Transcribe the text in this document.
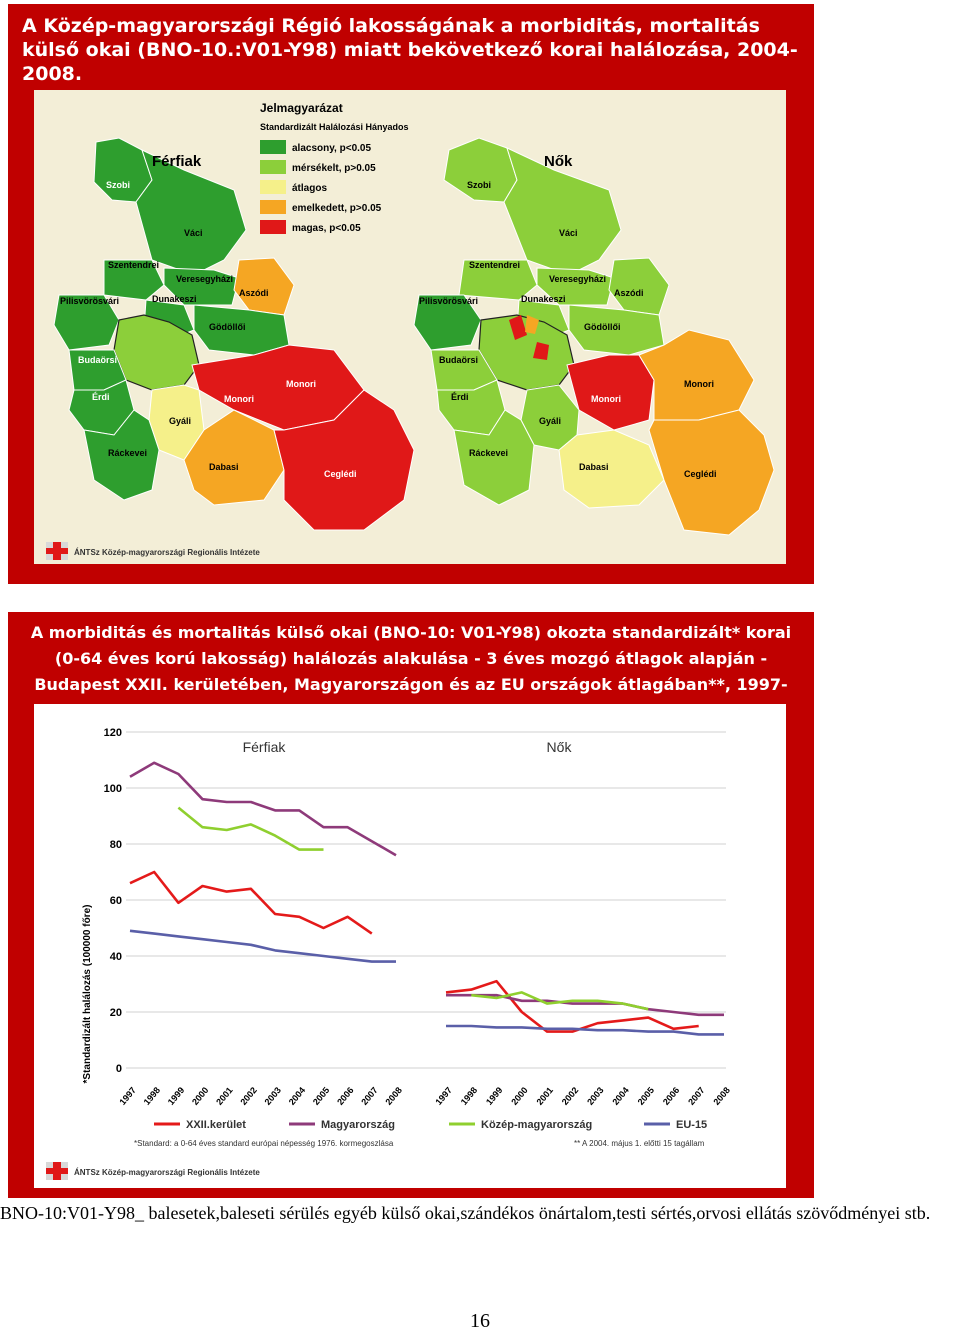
A Közép-magyarországi Régió lakosságának a morbiditás, mortalitás külső okai (BNO-10.:V01-Y98) miatt bekövetkező korai halálozása, 2004-2008.
Szobi
Váci
Szentendrei
Veresegyházi
Aszódi
Pilisvörösvári	Dunakeszi
Gödöllői
Budaörsi
Monori
Érdi	Monori
Gyáli
Ráckevei
Dabasi
Ceglédi
Férfiak
Szobi
Váci
Szentendrei
Veresegyházi
Aszódi
Pilisvörösvári	Dunakeszi
Gödöllői
Budaörsi
Monori
Érdi	Monori
Gyáli
Ráckevei
Dabasi
Ceglédi
Nők
Jelmagyarázat
Standardizált Halálozási Hányados
alacsony, p<0.05
mérsékelt, p>0.05
átlagos
emelkedett, p>0.05
magas, p<0.05
ÁNTSz Közép-magyarországi Regionális Intézete
A morbiditás és mortalitás külső okai (BNO-10: V01-Y98) okozta standardizált* korai (0-64 éves korú lakosság) halálozás alakulása - 3 éves mozgó átlagok alapján - Budapest XXII. kerületében, Magyarországon és az EU országok átlagában**, 1997-
*Standardizált halálozás (100000 főre)
Férfiak	Nők
0
20
40
60
80
100
120
1997 1998 1999 2000 2001 2002 2003 2004 2005 2006 2007 2008	1997 1998 1999 2000 2001 2002 2003 2004 2005 2006 2007 2008
XXII.kerület	Magyarország	Közép-magyarország	EU-15
*Standard: a 0-64 éves standard európai népesség 1976. kormegoszlása	** A 2004. május 1. előtti 15 tagállam
ÁNTSz Közép-magyarországi Regionális Intézete
BNO-10:V01-Y98_ balesetek,baleseti sérülés egyéb külső okai,szándékos önártalom,testi sértés,orvosi ellátás szövődményei stb.
16
